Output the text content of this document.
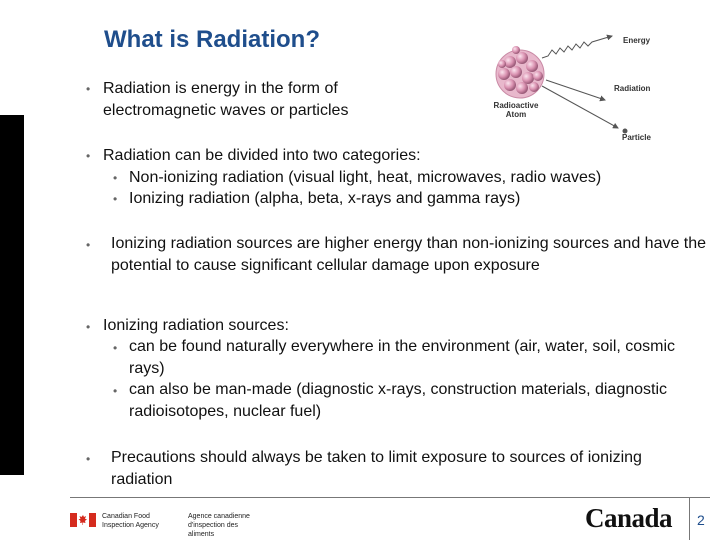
What is Radiation?	Energy
Radiation
Particle
Radioactive Atom
• Radiation is energy in the form of electromagnetic waves or particles
• Radiation can be divided into two categories:
• Non-ionizing radiation (visual light, heat, microwaves, radio waves)
• Ionizing radiation (alpha, beta, x-rays and gamma rays)
• Ionizing radiation sources are higher energy than non-ionizing sources and have the potential to cause significant cellular damage upon exposure
• Ionizing radiation sources:
• can be found naturally everywhere in the environment (air, water, soil, cosmic rays)
• can also be man-made (diagnostic x-rays, construction materials, diagnostic radioisotopes, nuclear fuel)
• Precautions should always be taken to limit exposure to sources of ionizing radiation
Canadian Food Inspection Agency
Agence canadienne d'inspection des aliments
Canada 2
